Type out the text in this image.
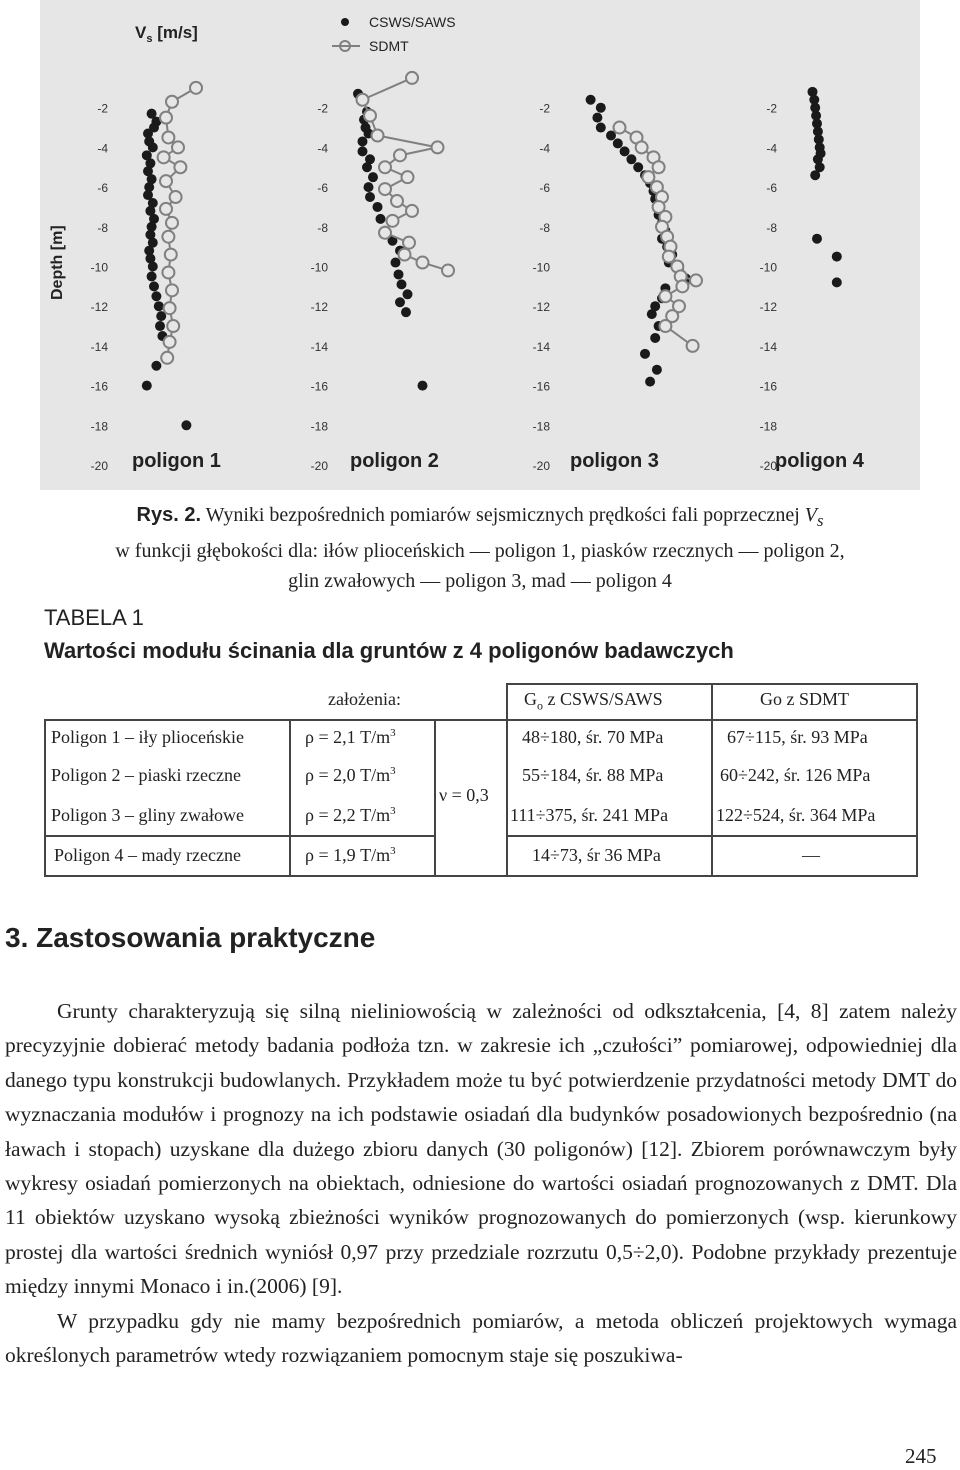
-2
-4
-6
-8
-10
-12
-14
-16
-18
-20
-2
-4
-6
-8
-10
-12
-14
-16
-18
-20
-2
-4
-6
-8
-10
-12
-14
-16
-18
-20
-2
-4
-6
-8
-10
-12
-14
-16
-18
-20
poligon 1	poligon 2	poligon 3	poligon 4
$V_s$ [m/s]
Depth [m]
CSWS/SAWS
SDMT
Rys. 2. Wyniki bezpośrednich pomiarów sejsmicznych prędkości fali poprzecznej $V_s$
w funkcji głębokości dla: iłów plioceńskich — poligon 1, piasków rzecznych — poligon 2,
glin zwałowych — poligon 3, mad — poligon 4
TABELA 1
Wartości modułu ścinania dla gruntów z 4 poligonów badawczych
założenia:	$G_o$ z CSWS/SAWS	Go z SDMT
Poligon 1 – iły plioceńskie	ρ = 2,1 $T/m^3$	48÷180, śr. 70 MPa	67÷115, śr. 93 MPa
Poligon 2 – piaski rzeczne	ρ = 2,0 $T/m^3$	55÷184, śr. 88 MPa	60÷242, śr. 126 MPa
ν = 0,3
Poligon 3 – gliny zwałowe	ρ = 2,2 $T/m^3$	111÷375, śr. 241 MPa	122÷524, śr. 364 MPa
Poligon 4 – mady rzeczne	ρ = 1,9 $T/m^3$	14÷73, śr 36 MPa	—
3. Zastosowania praktyczne

Grunty charakteryzują się silną nieliniowością w zależności od odkształcenia, [4, 8] zatem należy precyzyjnie dobierać metody badania podłoża tzn. w zakresie ich „czułości” pomiarowej, odpowiedniej dla danego typu konstrukcji budowlanych. Przykładem może tu być potwierdzenie przydatności metody DMT do wyznaczania modułów i prognozy na ich podstawie osiadań dla budynków posadowionych bezpośrednio (na ławach i stopach) uzyskane dla dużego zbioru danych (30 poligonów) [12]. Zbiorem porównawczym były wykresy osiadań pomierzonych na obiektach, odniesione do wartości osiadań prognozowanych z DMT. Dla 11 obiektów uzyskano wysoką zbieżności wyników prognozowanych do pomierzonych (wsp. kierunkowy prostej dla wartości średnich wyniósł 0,97 przy przedziale rozrzutu 0,5÷2,0). Podobne przykłady prezentuje między innymi Monaco i in.(2006) [9].

W przypadku gdy nie mamy bezpośrednich pomiarów, a metoda obliczeń projektowych wymaga określonych parametrów wtedy rozwiązaniem pomocnym staje się poszukiwa-

245
